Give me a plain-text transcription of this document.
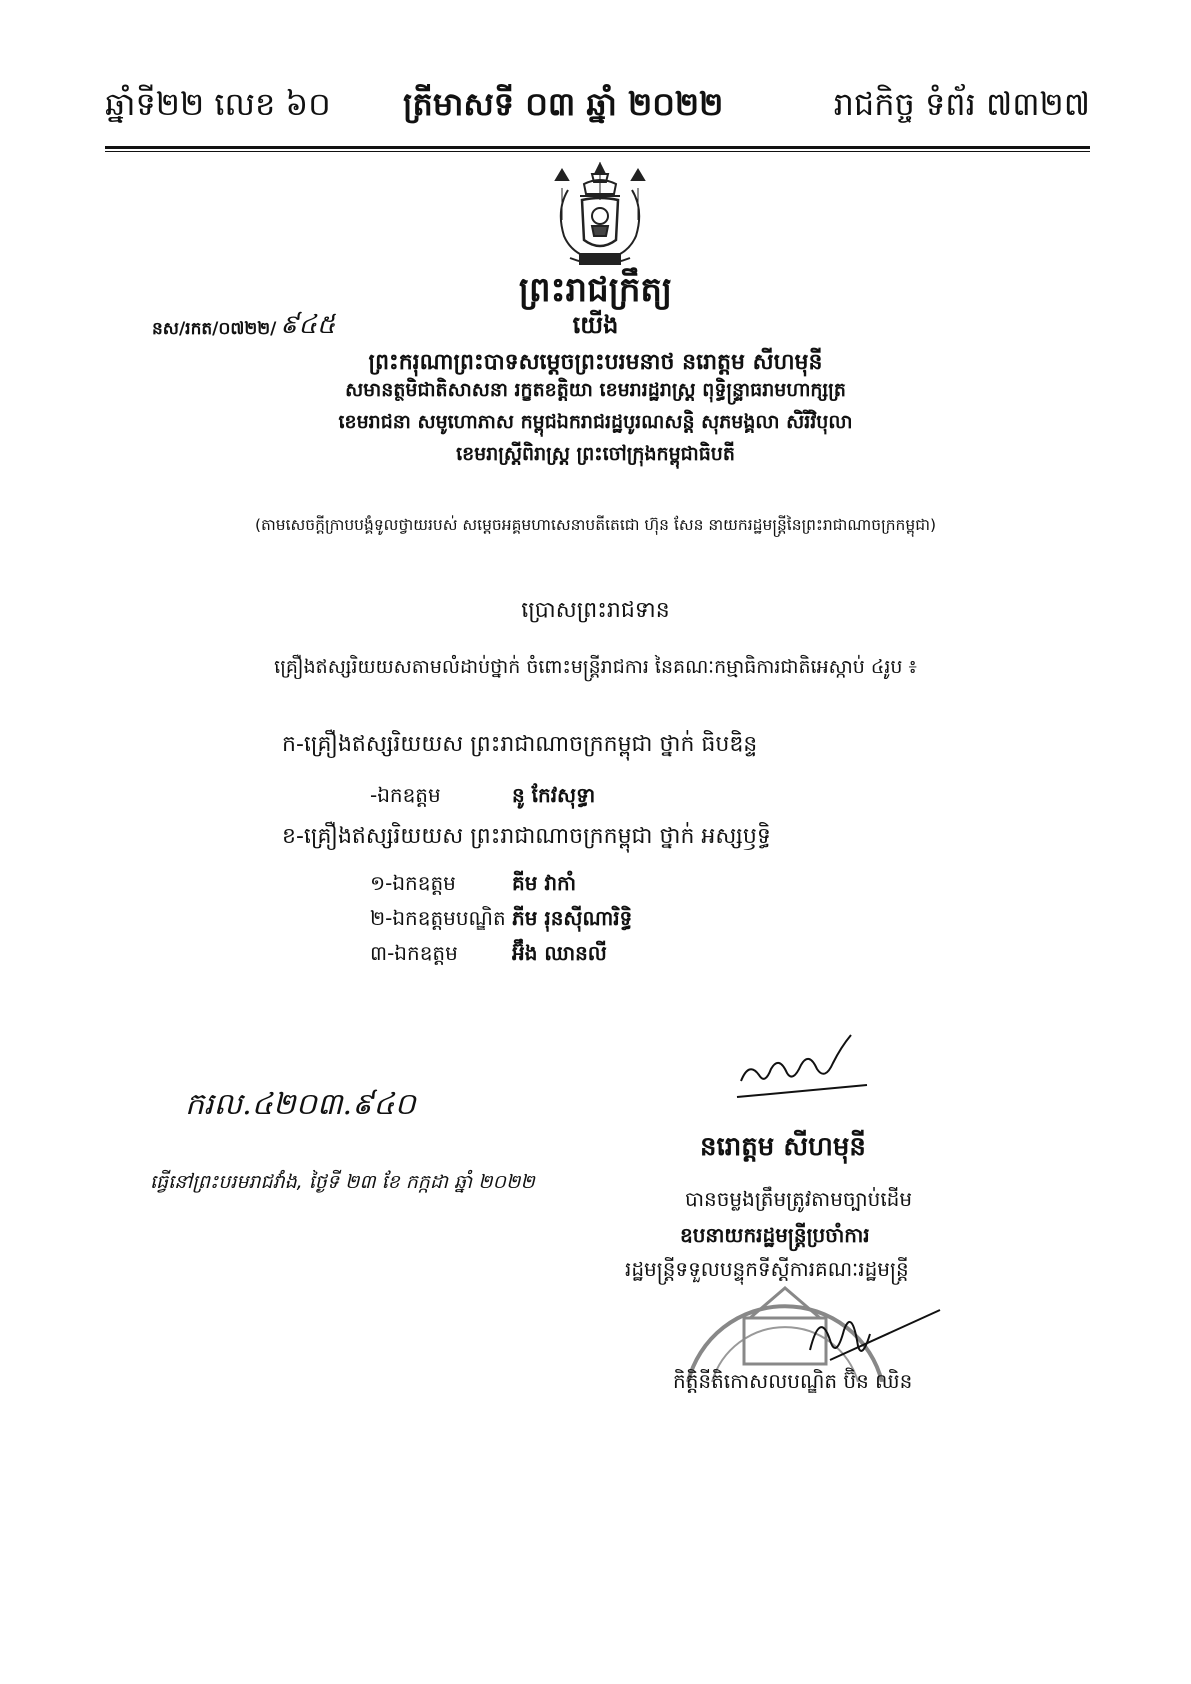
ឆ្នាំទី២២ លេខ ៦០ ត្រីមាសទី ០៣ ឆ្នាំ ២០២២	រាជកិច្ច ទំព័រ ៧៣២៧
ព្រះរាជក្រឹត្យ
នស/រកត/០៧២២/ ៩៤៥	យើង
ព្រះករុណាព្រះបាទសម្តេចព្រះបរមនាថ នរោត្តម សីហមុនី
សមានត្ថមិជាតិសាសនា រក្ខតខត្តិយា ខេមរារដ្ឋរាស្ត្រ ពុទ្ធិន្ទ្រាធរាមហាក្សត្រ
ខេមរាជនា សមូហោភាស កម្ពុជឯករាជរដ្ឋបូរណសន្តិ សុភមង្គលា សិរីវិបុលា
ខេមរាស្ត្រីពិរាស្ត្រ ព្រះចៅក្រុងកម្ពុជាធិបតី
(តាមសេចក្តីក្រាបបង្គំទូលថ្វាយរបស់ សម្តេចអគ្គមហាសេនាបតីតេជោ ហ៊ុន សែន នាយករដ្ឋមន្ត្រីនៃព្រះរាជាណាចក្រកម្ពុជា)
ប្រោសព្រះរាជទាន
គ្រឿងឥស្សរិយយសតាមលំដាប់ថ្នាក់ ចំពោះមន្ត្រីរាជការ នៃគណៈកម្មាធិការជាតិអេស្កាប់ ៤រូប ៖
ក-គ្រឿងឥស្សរិយយស ព្រះរាជាណាចក្រកម្ពុជា ថ្នាក់ ធិបឌិន្ទ
-ឯកឧត្តម	នូ កែវសុទ្ធា
ខ-គ្រឿងឥស្សរិយយស ព្រះរាជាណាចក្រកម្ពុជា ថ្នាក់ អស្សឫទ្ធិ
១-ឯកឧត្តម	គីម វាកាំ
២-ឯកឧត្តមបណ្ឌិត ភីម រុនស៊ីណារិទ្ធិ
៣-ឯកឧត្តម	អ៊ឹង ឈានលី
ករល.៤២០៣.៩៤០
នរោត្តម សីហមុនី
ធ្វើនៅព្រះបរមរាជវាំង, ថ្ងៃទី ២៣ ខែ កក្កដា ឆ្នាំ ២០២២
បានចម្លងត្រឹមត្រូវតាមច្បាប់ដើម
ឧបនាយករដ្ឋមន្ត្រីប្រចាំការ
រដ្ឋមន្ត្រីទទួលបន្ទុកទីស្តីការគណៈរដ្ឋមន្ត្រី
កិត្តិនីតិកោសលបណ្ឌិត ប៊ិន ឈិន
